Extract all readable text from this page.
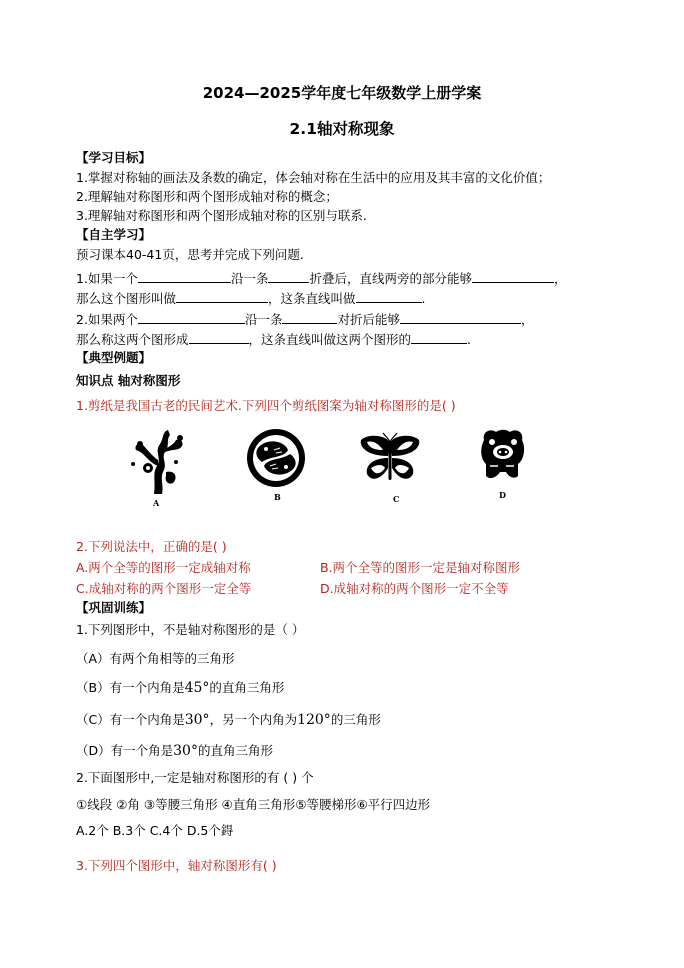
2024—2025学年度七年级数学上册学案
2.1轴对称现象
【学习目标】
1.掌握对称轴的画法及条数的确定，体会轴对称在生活中的应用及其丰富的文化价值；
2.理解轴对称图形和两个图形成轴对称的概念；
3.理解轴对称图形和两个图形成轴对称的区别与联系.
【自主学习】
预习课本40-41页，思考并完成下列问题.
1.如果一个	沿一条	折叠后，直线两旁的部分能够	，
那么这个图形叫做	，这条直线叫做	.
2.如果两个	沿一条	对折后能够	，
那么称这两个图形成	，这条直线叫做这两个图形的	.
【典型例题】
知识点 轴对称图形
1.剪纸是我国古老的民间艺术.下列四个剪纸图案为轴对称图形的是( )
A
B	C	D
2.下列说法中，正确的是( )
A.两个全等的图形一定成轴对称	B.两个全等的图形一定是轴对称图形
C.成轴对称的两个图形一定全等	D.成轴对称的两个图形一定不全等
【巩固训练】
1.下列图形中，不是轴对称图形的是（ ）
（A）有两个角相等的三角形
（B）有一个内角是45°的直角三角形
（C）有一个内角是30°，另一个内角为120°的三角形
（D）有一个角是30°的直角三角形
2.下面图形中,一定是轴对称图形的有 ( ) 个
①线段 ②角 ③等腰三角形 ④直角三角形⑤等腰梯形⑥平行四边形
A.2个 B.3个 C.4个 D.5个鍀
3.下列四个图形中，轴对称图形有( )
